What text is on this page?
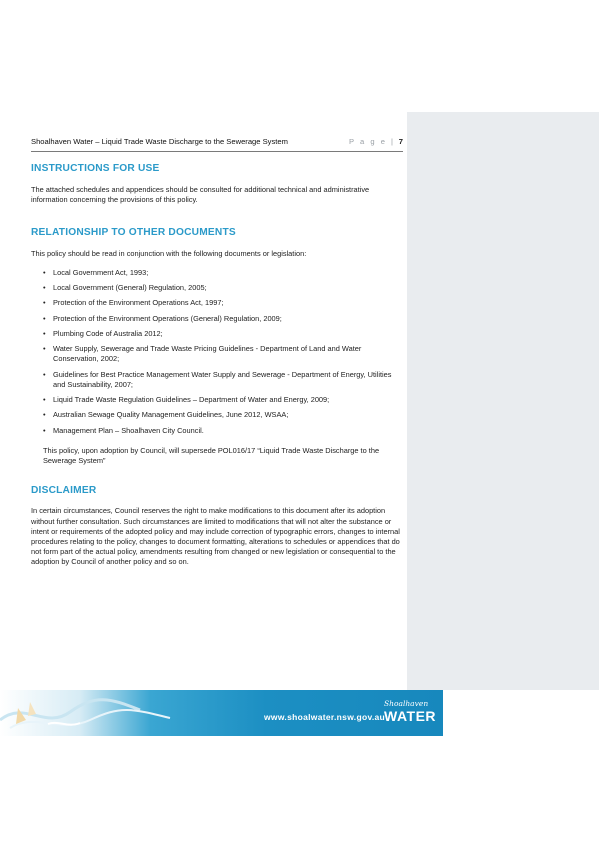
Shoalhaven Water – Liquid Trade Waste Discharge to the Sewerage System	P a g e | 7
INSTRUCTIONS FOR USE

The attached schedules and appendices should be consulted for additional technical and administrative information concerning the provisions of this policy.

RELATIONSHIP TO OTHER DOCUMENTS

This policy should be read in conjunction with the following documents or legislation:

• Local Government Act, 1993;
• Local Government (General) Regulation, 2005;
• Protection of the Environment Operations Act, 1997;
• Protection of the Environment Operations (General) Regulation, 2009;
• Plumbing Code of Australia 2012;
• Water Supply, Sewerage and Trade Waste Pricing Guidelines - Department of Land and Water Conservation, 2002;
• Guidelines for Best Practice Management Water Supply and Sewerage - Department of Energy, Utilities and Sustainability, 2007;
• Liquid Trade Waste Regulation Guidelines – Department of Water and Energy, 2009;
• Australian Sewage Quality Management Guidelines, June 2012, WSAA;
• Management Plan – Shoalhaven City Council.

This policy, upon adoption by Council, will supersede POL016/17 “Liquid Trade Waste Discharge to the Sewerage System”

DISCLAIMER

In certain circumstances, Council reserves the right to make modifications to this document after its adoption without further consultation. Such circumstances are limited to modifications that will not alter the substance or intent or requirements of the adopted policy and may include correction of typographic errors, changes to internal procedures relating to the policy, changes to document formatting, alterations to schedules or appendices that do not form part of the actual policy, amendments resulting from changed or new legislation or consequential to the adoption by Council of another policy and so on.

www.shoalwater.nsw.gov.au
Shoalhaven
WATER
